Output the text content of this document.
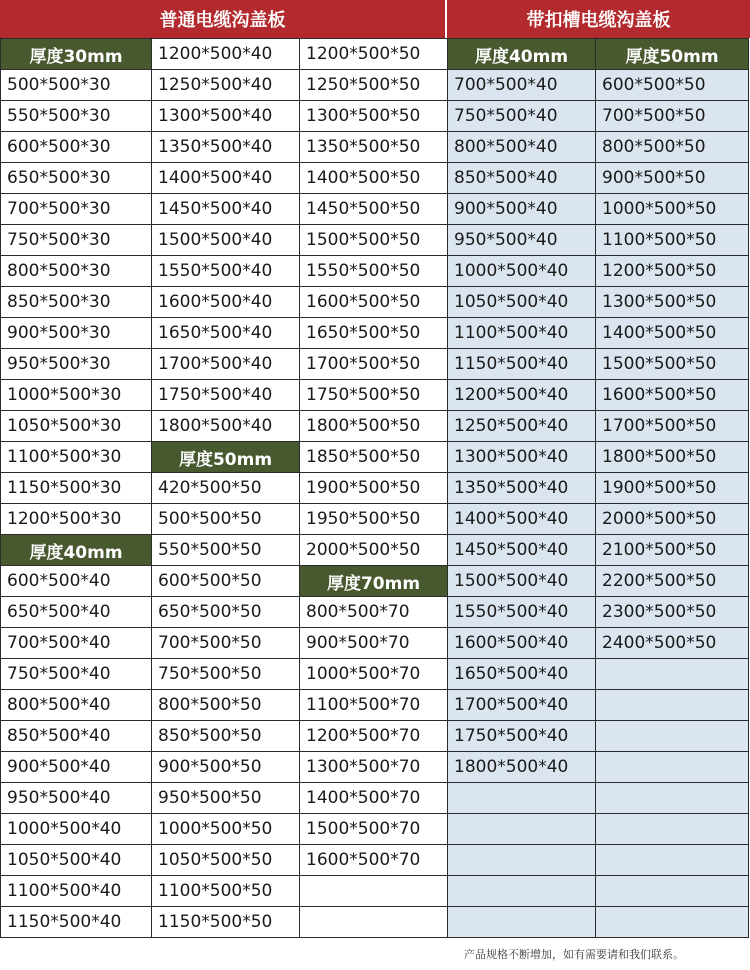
普通电缆沟盖板	带扣槽电缆沟盖板
厚度30mm	1200*500*40	1200*500*50	厚度40mm	厚度50mm
500*500*30	1250*500*40	1250*500*50	700*500*40	600*500*50
550*500*30	1300*500*40	1300*500*50	750*500*40	700*500*50
600*500*30	1350*500*40	1350*500*50	800*500*40	800*500*50
650*500*30	1400*500*40	1400*500*50	850*500*40	900*500*50
700*500*30	1450*500*40	1450*500*50	900*500*40	1000*500*50
750*500*30	1500*500*40	1500*500*50	950*500*40	1100*500*50
800*500*30	1550*500*40	1550*500*50	1000*500*40	1200*500*50
850*500*30	1600*500*40	1600*500*50	1050*500*40	1300*500*50
900*500*30	1650*500*40	1650*500*50	1100*500*40	1400*500*50
950*500*30	1700*500*40	1700*500*50	1150*500*40	1500*500*50
1000*500*30	1750*500*40	1750*500*50	1200*500*40	1600*500*50
1050*500*30	1800*500*40	1800*500*50	1250*500*40	1700*500*50
1100*500*30	厚度50mm	1850*500*50	1300*500*40	1800*500*50
1150*500*30	420*500*50	1900*500*50	1350*500*40	1900*500*50
1200*500*30	500*500*50	1950*500*50	1400*500*40	2000*500*50
厚度40mm	550*500*50	2000*500*50	1450*500*40	2100*500*50
600*500*40	600*500*50	厚度70mm	1500*500*40	2200*500*50
650*500*40	650*500*50	800*500*70	1550*500*40	2300*500*50
700*500*40	700*500*50	900*500*70	1600*500*40	2400*500*50
750*500*40	750*500*50	1000*500*70	1650*500*40	
800*500*40	800*500*50	1100*500*70	1700*500*40	
850*500*40	850*500*50	1200*500*70	1750*500*40	
900*500*40	900*500*50	1300*500*70	1800*500*40	
950*500*40	950*500*50	1400*500*70		
1000*500*40	1000*500*50	1500*500*70		
1050*500*40	1050*500*50	1600*500*70		
1100*500*40	1100*500*50			
1150*500*40	1150*500*50			
产品规格不断增加，如有需要请和我们联系。
